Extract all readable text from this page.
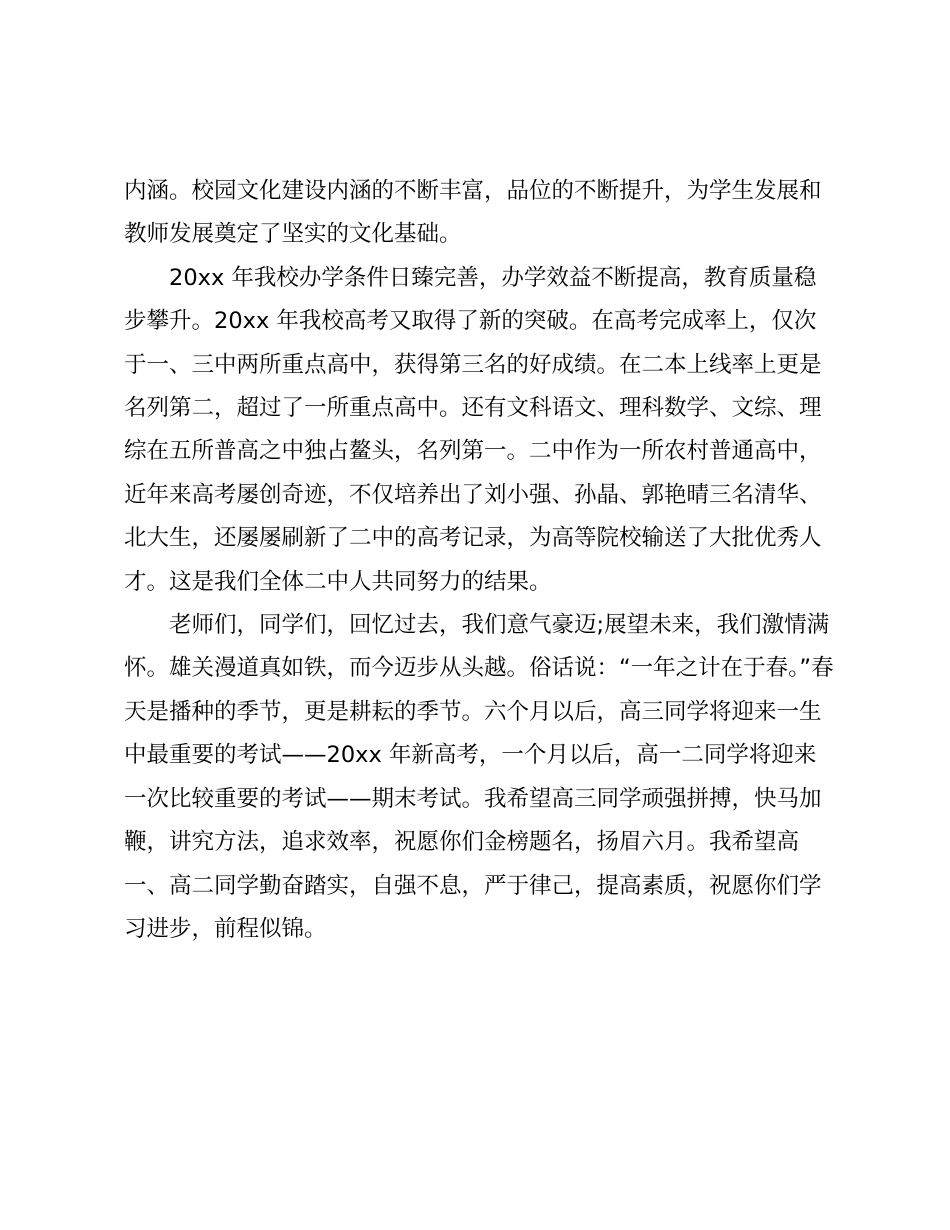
内涵。校园文化建设内涵的不断丰富，品位的不断提升，为学生发展和教师发展奠定了坚实的文化基础。

20xx 年我校办学条件日臻完善，办学效益不断提高，教育质量稳步攀升。20xx 年我校高考又取得了新的突破。在高考完成率上，仅次于一、三中两所重点高中，获得第三名的好成绩。在二本上线率上更是名列第二，超过了一所重点高中。还有文科语文、理科数学、文综、理综在五所普高之中独占鳌头，名列第一。二中作为一所农村普通高中，近年来高考屡创奇迹，不仅培养出了刘小强、孙晶、郭艳晴三名清华、北大生，还屡屡刷新了二中的高考记录，为高等院校输送了大批优秀人才。这是我们全体二中人共同努力的结果。

老师们，同学们，回忆过去，我们意气豪迈;展望未来，我们激情满怀。雄关漫道真如铁，而今迈步从头越。俗话说：“一年之计在于春。”春天是播种的季节，更是耕耘的季节。六个月以后，高三同学将迎来一生中最重要的考试——20xx 年新高考，一个月以后，高一二同学将迎来一次比较重要的考试——期末考试。我希望高三同学顽强拼搏，快马加鞭，讲究方法，追求效率，祝愿你们金榜题名，扬眉六月。我希望高一、高二同学勤奋踏实，自强不息，严于律己，提高素质，祝愿你们学习进步，前程似锦。
